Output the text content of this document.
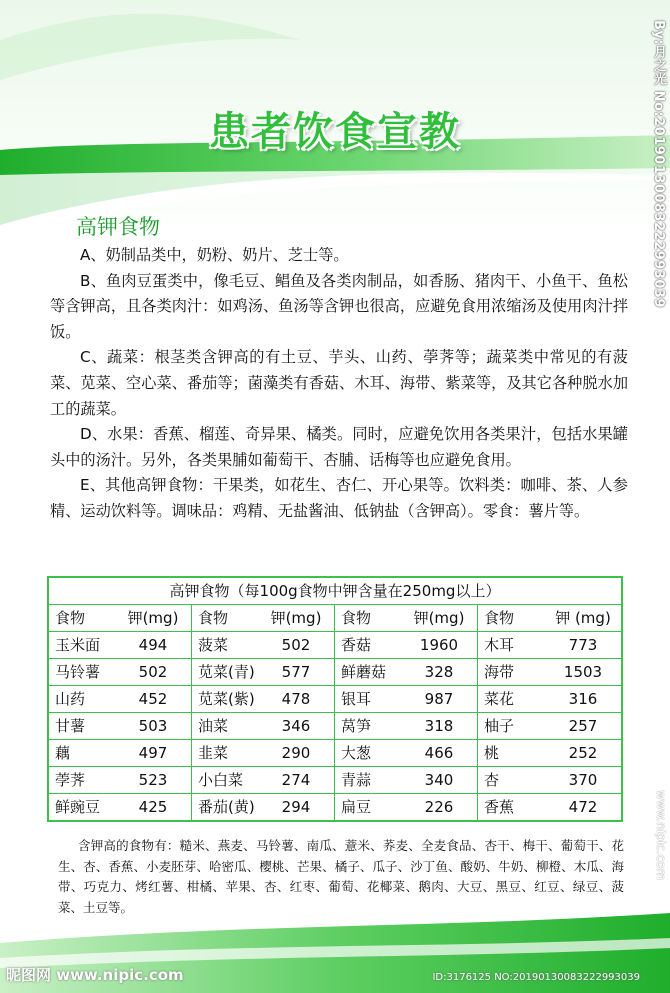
患者饮食宣教
高钾食物

A、奶制品类中，奶粉、奶片、芝士等。

B、鱼肉豆蛋类中，像毛豆、鲳鱼及各类肉制品，如香肠、猪肉干、小鱼干、鱼松等含钾高，且各类肉汁：如鸡汤、鱼汤等含钾也很高，应避免食用浓缩汤及使用肉汁拌饭。

C、蔬菜：根茎类含钾高的有土豆、芋头、山药、荸荠等；蔬菜类中常见的有菠菜、苋菜、空心菜、番茄等；菌藻类有香菇、木耳、海带、紫菜等，及其它各种脱水加工的蔬菜。

D、水果：香蕉、榴莲、奇异果、橘类。同时，应避免饮用各类果汁，包括水果罐头中的汤汁。另外，各类果脯如葡萄干、杏脯、话梅等也应避免食用。

E、其他高钾食物：干果类，如花生、杏仁、开心果等。饮料类：咖啡、茶、人参精、运动饮料等。调味品：鸡精、无盐酱油、低钠盐（含钾高）。零食：薯片等。

高钾食物（每100g食物中钾含量在250mg以上）
食物	钾(mg)	食物	钾(mg)	食物	钾(mg)	食物	钾 (mg)
玉米面	494	菠菜	502	香菇	1960	木耳	773
马铃薯	502	苋菜(青)	577	鲜蘑菇	328	海带	1503
山药	452	苋菜(紫)	478	银耳	987	菜花	316
甘薯	503	油菜	346	莴笋	318	柚子	257
藕	497	韭菜	290	大葱	466	桃	252
荸荠	523	小白菜	274	青蒜	340	杏	370
鲜豌豆	425	番茄(黄)	294	扁豆	226	香蕉	472

含钾高的食物有：糙米、燕麦、马铃薯、南瓜、薏米、荞麦、全麦食品、杏干、梅干、葡萄干、花生、杏、香蕉、小麦胚芽、哈密瓜、樱桃、芒果、橘子、瓜子、沙丁鱼、酸奶、牛奶、柳橙、木瓜、海带、巧克力、烤红薯、柑橘、苹果、杏、红枣、葡萄、花椰菜、鹅肉、大豆、黑豆、红豆、绿豆、菠菜、土豆等。

By:月之光 No:20190130083222993039
www.nipic.com
昵图网 www.nipic.com	ID:3176125 NO:20190130083222993039
